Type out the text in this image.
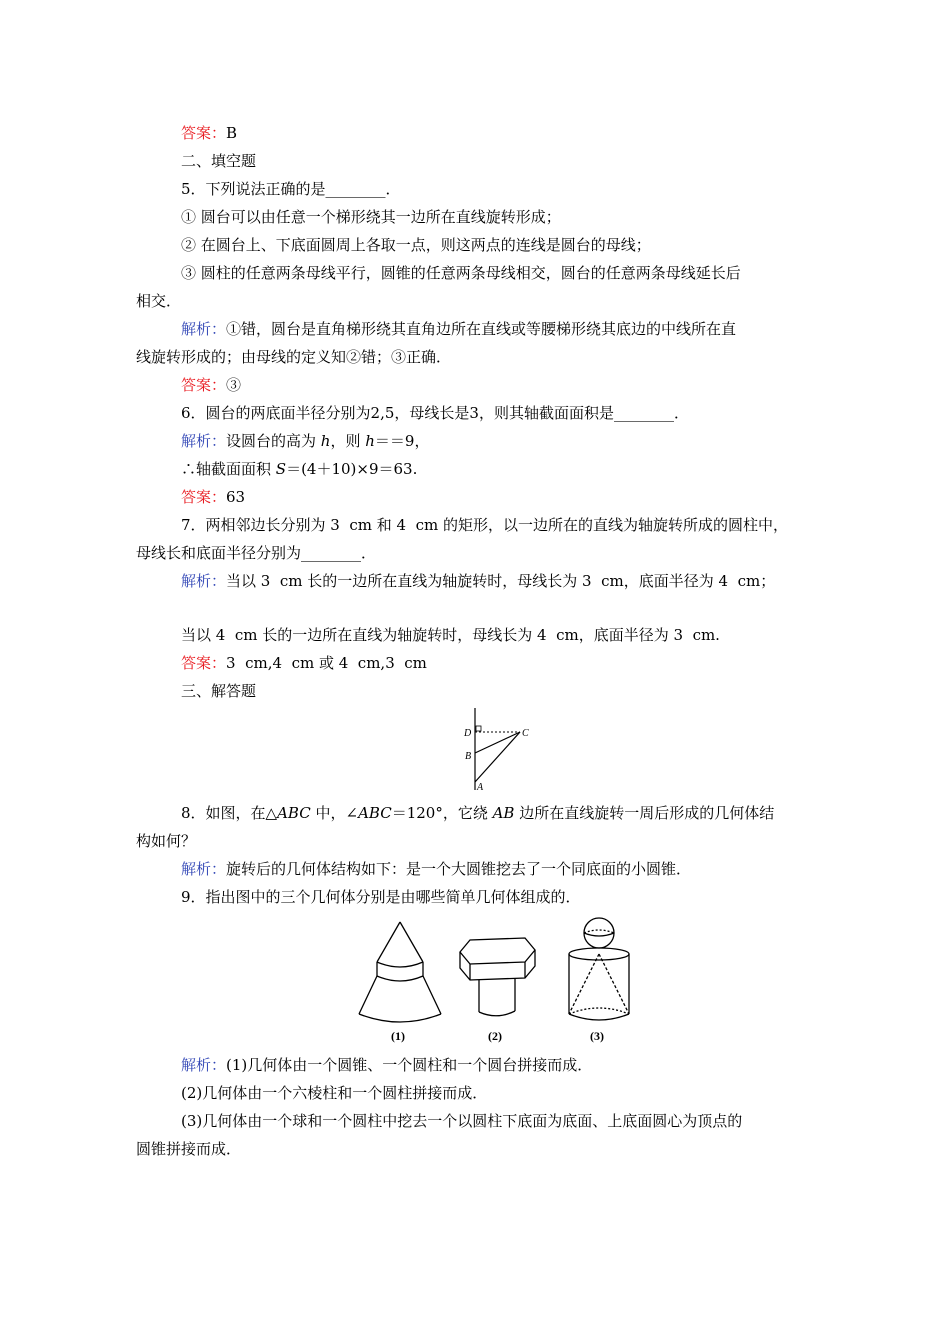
答案：B
二、填空题
5．下列说法正确的是________．
① 圆台可以由任意一个梯形绕其一边所在直线旋转形成；
② 在圆台上、下底面圆周上各取一点，则这两点的连线是圆台的母线；
③ 圆柱的任意两条母线平行，圆锥的任意两条母线相交，圆台的任意两条母线延长后
相交．
解析：①错，圆台是直角梯形绕其直角边所在直线或等腰梯形绕其底边的中线所在直
线旋转形成的；由母线的定义知②错；③正确．
答案：③
6．圆台的两底面半径分别为2,5，母线长是3，则其轴截面面积是________．
解析：设圆台的高为 h，则 h＝＝9，
∴轴截面面积 S＝(4＋10)×9＝63.
答案：63
7．两相邻边长分别为 3  cm 和 4  cm 的矩形，以一边所在的直线为轴旋转所成的圆柱中，
母线长和底面半径分别为________．
解析：当以 3  cm 长的一边所在直线为轴旋转时，母线长为 3  cm，底面半径为 4  cm；
当以 4  cm 长的一边所在直线为轴旋转时，母线长为 4  cm，底面半径为 3  cm.
答案：3  cm,4  cm 或 4  cm,3  cm
三、解答题
D	C
B
A
8．如图，在△ABC 中，∠ABC＝120°，它绕 AB 边所在直线旋转一周后形成的几何体结
构如何？
解析：旋转后的几何体结构如下：是一个大圆锥挖去了一个同底面的小圆锥．
9．指出图中的三个几何体分别是由哪些简单几何体组成的．
(1)	(2)	(3)
解析：(1)几何体由一个圆锥、一个圆柱和一个圆台拼接而成．
(2)几何体由一个六棱柱和一个圆柱拼接而成．
(3)几何体由一个球和一个圆柱中挖去一个以圆柱下底面为底面、上底面圆心为顶点的
圆锥拼接而成．
